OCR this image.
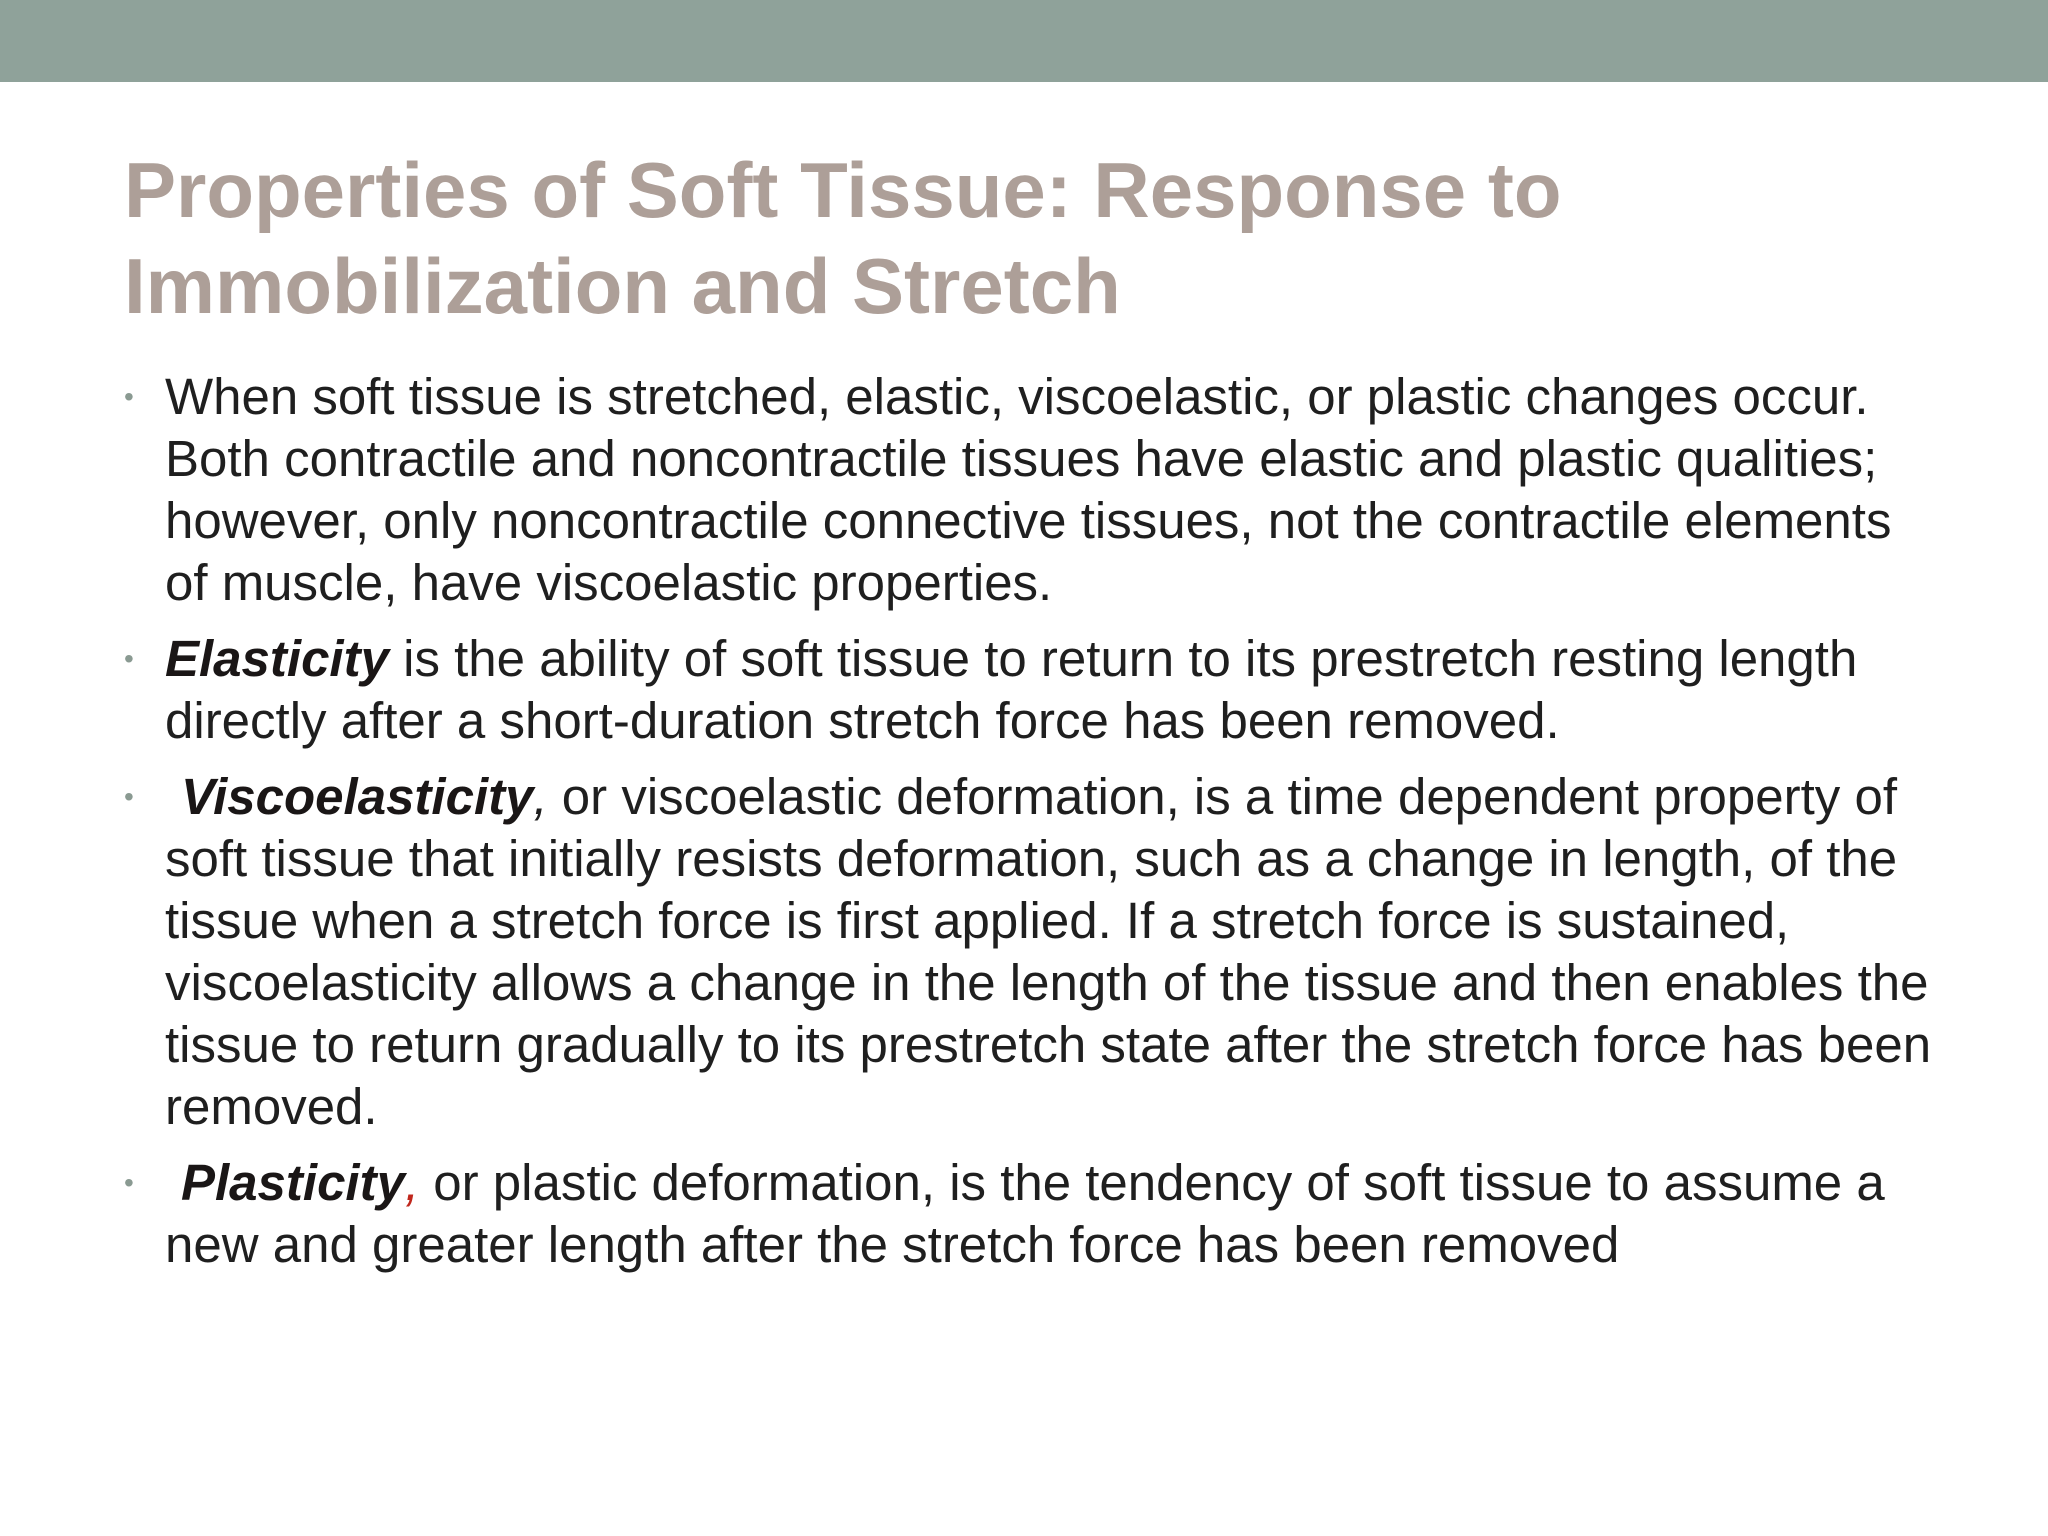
Properties of Soft Tissue: Response to Immobilization and Stretch
• When soft tissue is stretched, elastic, viscoelastic, or plastic changes occur. Both contractile and noncontractile tissues have elastic and plastic qualities; however, only noncontractile connective tissues, not the contractile elements of muscle, have viscoelastic properties.
• Elasticity is the ability of soft tissue to return to its prestretch resting length directly after a short-duration stretch force has been removed.
• Viscoelasticity, or viscoelastic deformation, is a time dependent property of soft tissue that initially resists deformation, such as a change in length, of the tissue when a stretch force is first applied. If a stretch force is sustained, viscoelasticity allows a change in the length of the tissue and then enables the tissue to return gradually to its prestretch state after the stretch force has been removed.
• Plasticity, or plastic deformation, is the tendency of soft tissue to assume a new and greater length after the stretch force has been removed
